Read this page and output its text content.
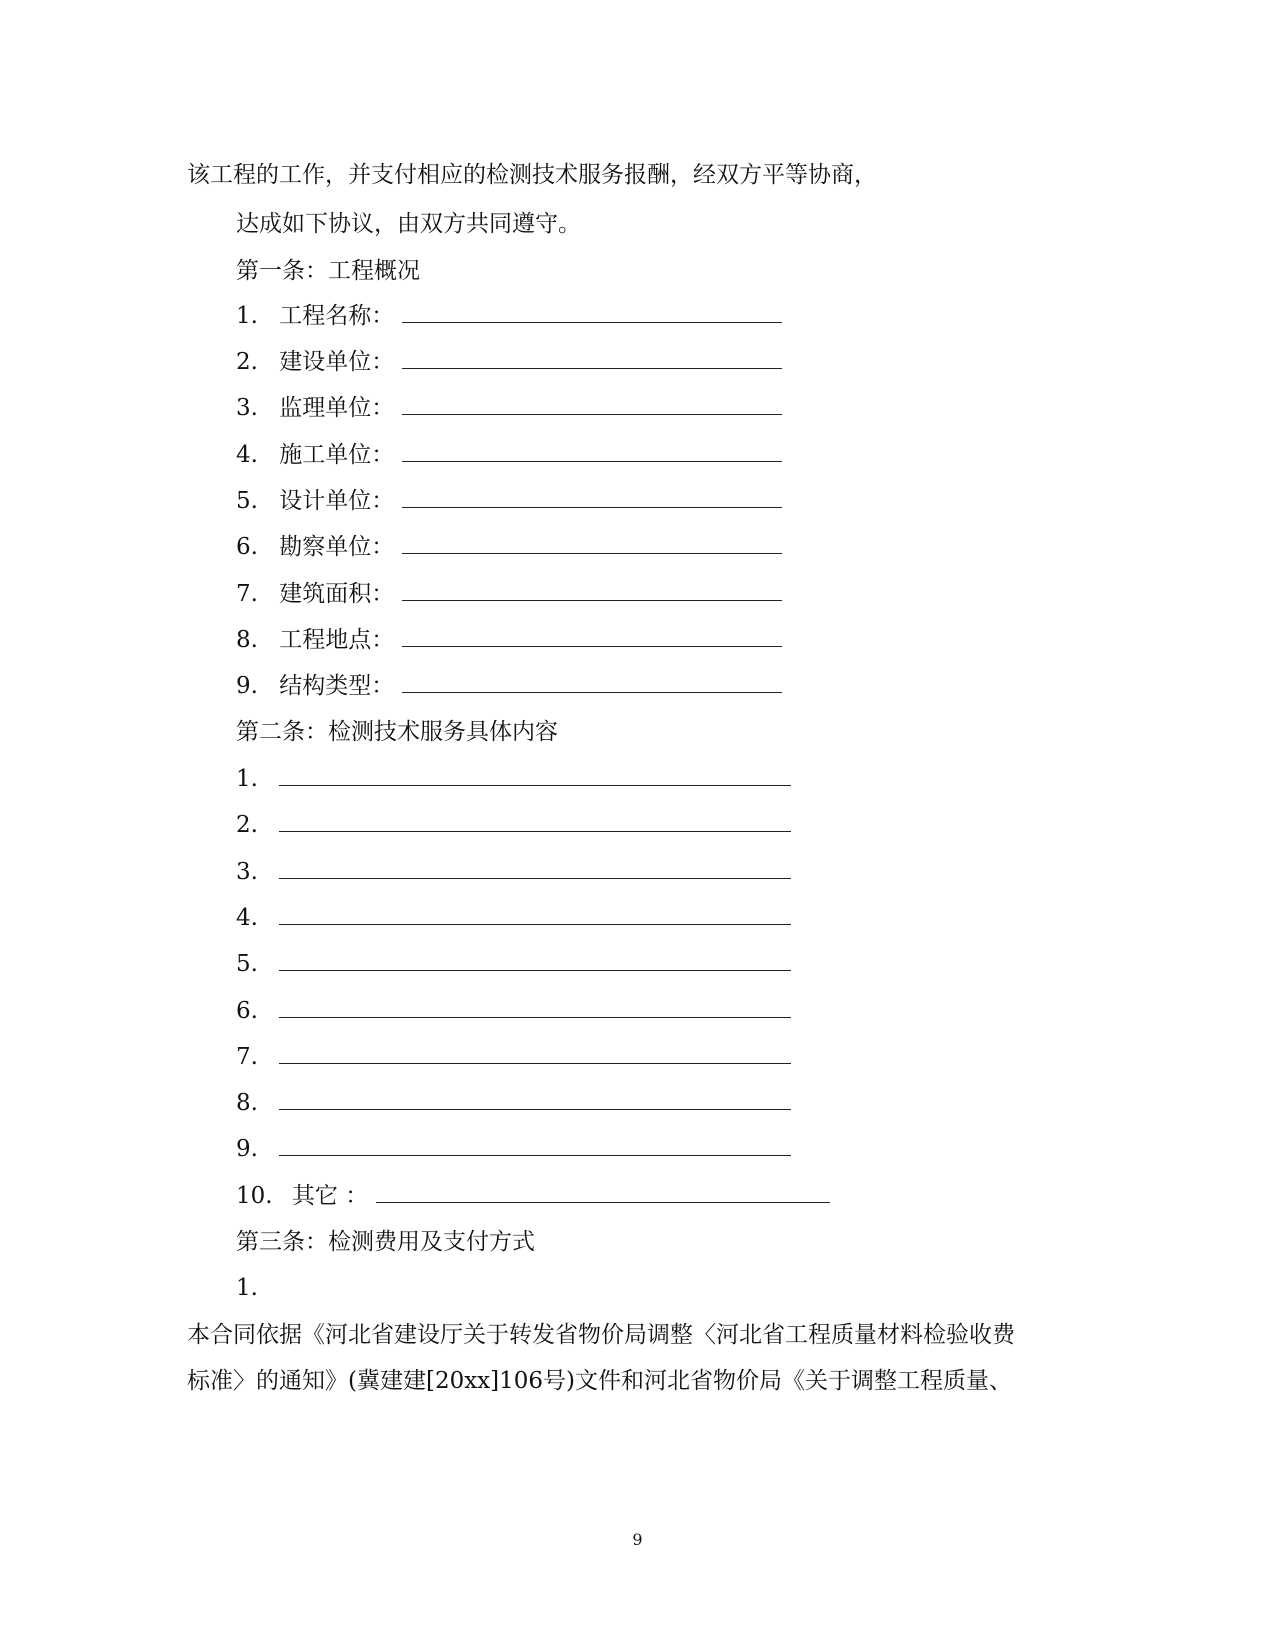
该工程的工作，并支付相应的检测技术服务报酬，经双方平等协商，
达成如下协议，由双方共同遵守。
第一条：工程概况
1. 工程名称：
2. 建设单位：
3. 监理单位：
4. 施工单位：
5. 设计单位：
6. 勘察单位：
7. 建筑面积：
8. 工程地点：
9. 结构类型：
第二条：检测技术服务具体内容
1.
2.
3.
4.
5.
6.
7.
8.
9.
10. 其它 ：
第三条：检测费用及支付方式
1.
本合同依据《河北省建设厅关于转发省物价局调整〈河北省工程质量材料检验收费
标准〉的通知》(冀建建[20xx]106号)文件和河北省物价局《关于调整工程质量、
9
